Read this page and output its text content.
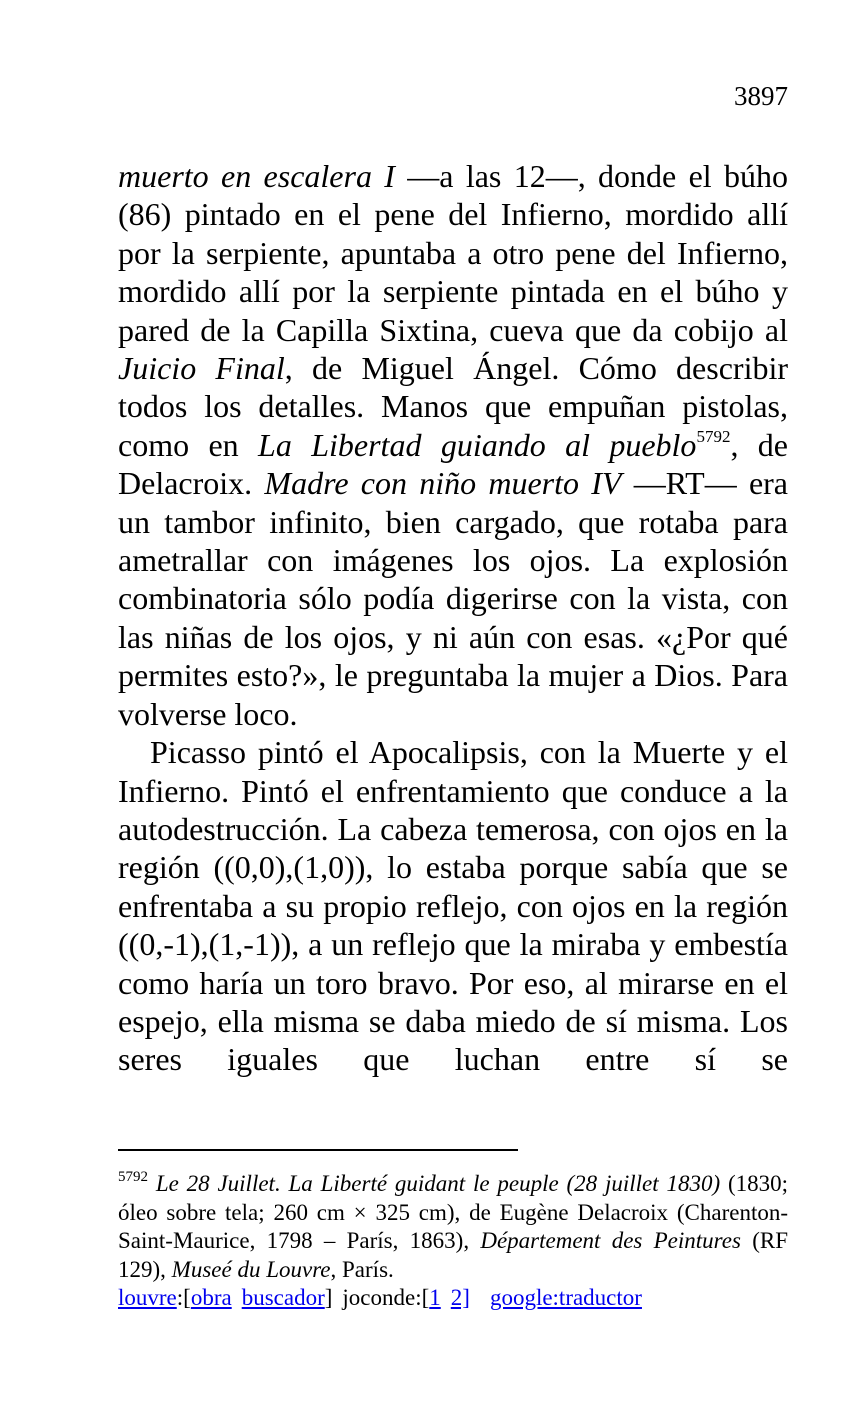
3897

muerto en escalera I —a las 12—, donde el búho (86) pintado en el pene del Infierno, mordido allí por la serpiente, apuntaba a otro pene del Infierno, mordido allí por la serpiente pintada en el búho y pared de la Capilla Sixtina, cueva que da cobijo al Juicio Final, de Miguel Ángel. Cómo describir todos los detalles. Manos que empuñan pistolas, como en La Libertad guiando al pueblo$^{5792}$, de Delacroix. Madre con niño muerto IV —RT— era un tambor infinito, bien cargado, que rotaba para ametrallar con imágenes los ojos. La explosión combinatoria sólo podía digerirse con la vista, con las niñas de los ojos, y ni aún con esas. «¿Por qué permites esto?», le preguntaba la mujer a Dios. Para volverse loco.

Picasso pintó el Apocalipsis, con la Muerte y el Infierno. Pintó el enfrentamiento que conduce a la autodestrucción. La cabeza temerosa, con ojos en la región ((0,0),(1,0)), lo estaba porque sabía que se enfrentaba a su propio reflejo, con ojos en la región ((0,-1),(1,-1)), a un reflejo que la miraba y embestía como haría un toro bravo. Por eso, al mirarse en el espejo, ella misma se daba miedo de sí misma. Los seres iguales que luchan entre sí se

$^{5792}$ Le 28 Juillet. La Liberté guidant le peuple (28 juillet 1830) (1830; óleo sobre tela; 260 cm × 325 cm), de Eugène Delacroix (Charenton-Saint-Maurice, 1798 – París, 1863), Département des Peintures (RF 129), Museé du Louvre, París.

louvre:[obra buscador] joconde:[1 2] google:traductor
